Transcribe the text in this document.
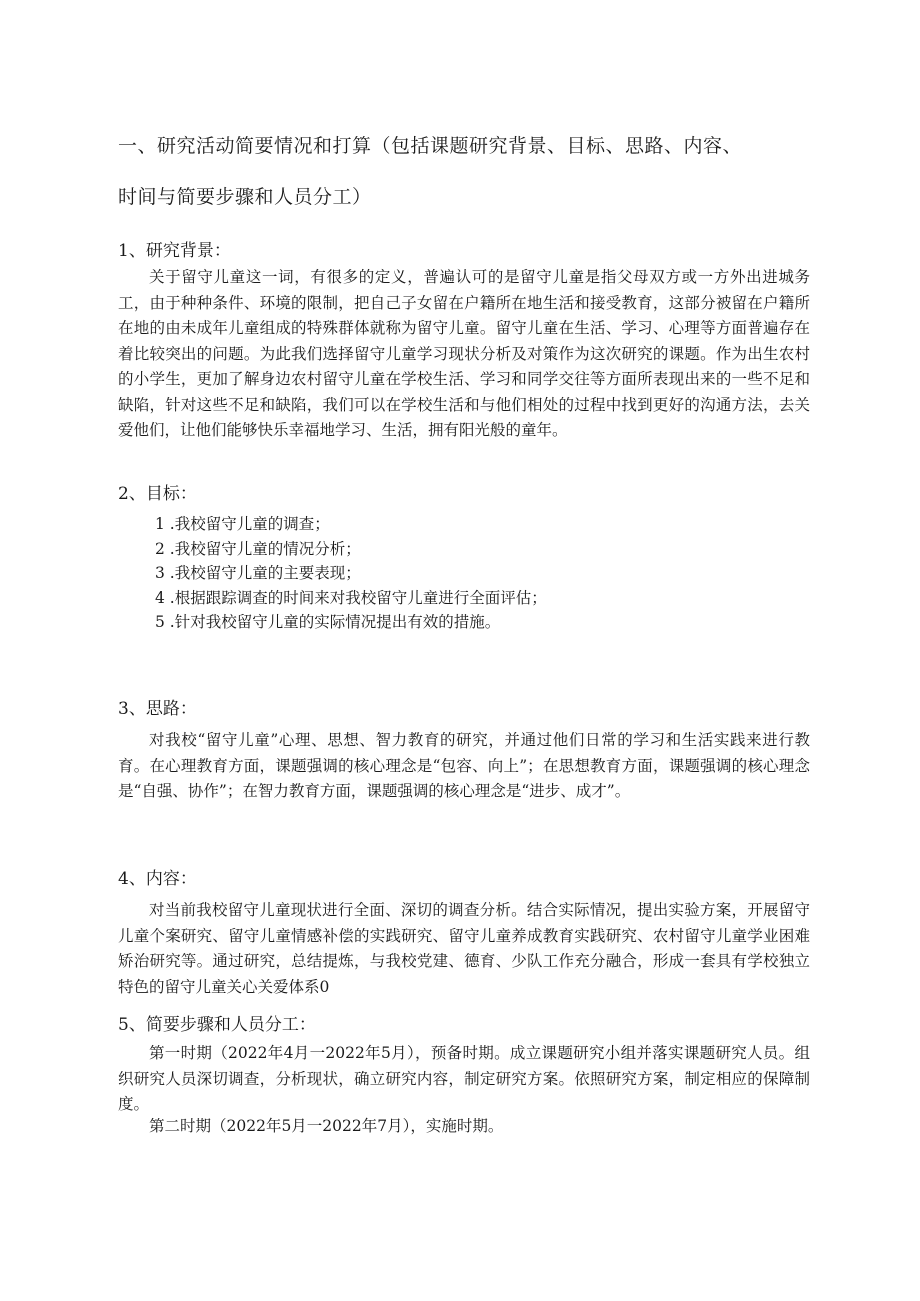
一、研究活动简要情况和打算（包括课题研究背景、目标、思路、内容、
时间与简要步骤和人员分工）
1、研究背景：

关于留守儿童这一词，有很多的定义，普遍认可的是留守儿童是指父母双方或一方外出进城务工，由于种种条件、环境的限制，把自己子女留在户籍所在地生活和接受教育，这部分被留在户籍所在地的由未成年儿童组成的特殊群体就称为留守儿童。留守儿童在生活、学习、心理等方面普遍存在着比较突出的问题。为此我们选择留守儿童学习现状分析及对策作为这次研究的课题。作为出生农村的小学生，更加了解身边农村留守儿童在学校生活、学习和同学交往等方面所表现出来的一些不足和缺陷，针对这些不足和缺陷，我们可以在学校生活和与他们相处的过程中找到更好的沟通方法，去关爱他们，让他们能够快乐幸福地学习、生活，拥有阳光般的童年。

2、目标：
1 .我校留守儿童的调查；
2 .我校留守儿童的情况分析；
3 .我校留守儿童的主要表现；
4 .根据跟踪调查的时间来对我校留守儿童进行全面评估；
5 .针对我校留守儿童的实际情况提出有效的措施。
3、思路：

对我校“留守儿童”心理、思想、智力教育的研究，并通过他们日常的学习和生活实践来进行教育。在心理教育方面，课题强调的核心理念是“包容、向上”；在思想教育方面，课题强调的核心理念是“自强、协作”；在智力教育方面，课题强调的核心理念是“进步、成才”。

4、内容：

对当前我校留守儿童现状进行全面、深切的调查分析。结合实际情况，提出实验方案，开展留守儿童个案研究、留守儿童情感补偿的实践研究、留守儿童养成教育实践研究、农村留守儿童学业困难矫治研究等。通过研究，总结提炼，与我校党建、德育、少队工作充分融合，形成一套具有学校独立特色的留守儿童关心关爱体系0

5、简要步骤和人员分工：

第一时期（2022年4月一2022年5月），预备时期。成立课题研究小组并落实课题研究人员。组织研究人员深切调查，分析现状，确立研究内容，制定研究方案。依照研究方案，制定相应的保障制度。

第二时期（2022年5月一2022年7月），实施时期。
